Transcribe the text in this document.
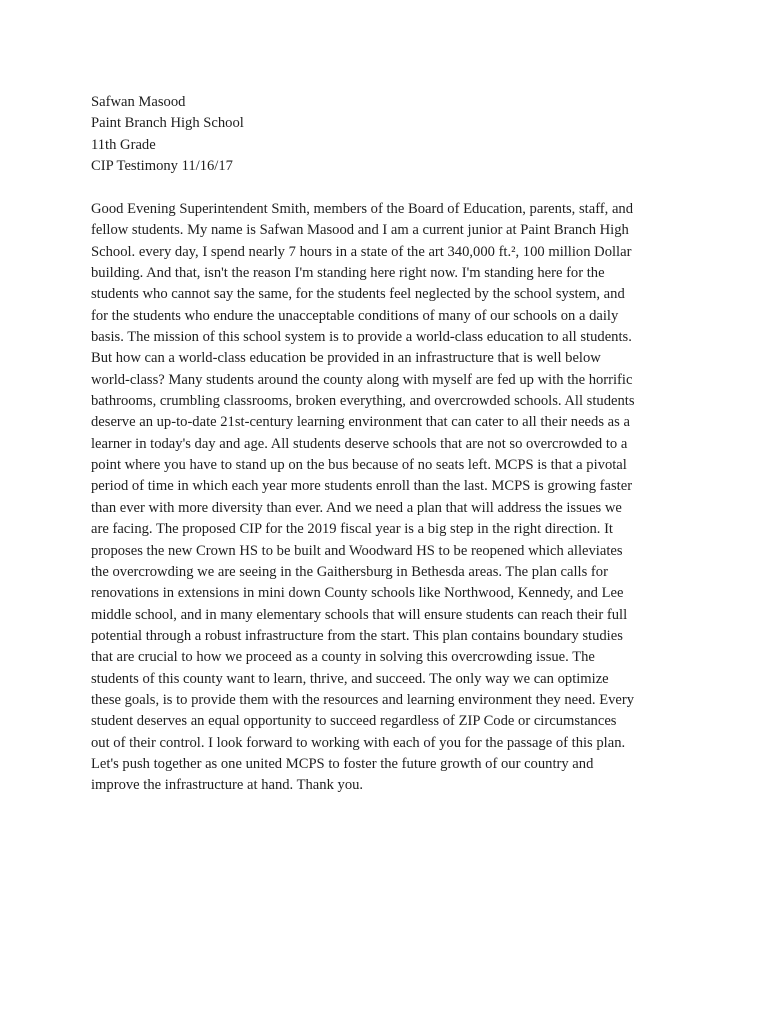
Safwan Masood
Paint Branch High School
11th Grade
CIP Testimony 11/16/17
Good Evening Superintendent Smith, members of the Board of Education, parents, staff, and
fellow students. My name is Safwan Masood and I am a current junior at Paint Branch High
School. every day, I spend nearly 7 hours in a state of the art 340,000 ft.², 100 million Dollar
building. And that, isn't the reason I'm standing here right now. I'm standing here for the
students who cannot say the same, for the students feel neglected by the school system, and
for the students who endure the unacceptable conditions of many of our schools on a daily
basis. The mission of this school system is to provide a world-class education to all students.
But how can a world-class education be provided in an infrastructure that is well below
world-class? Many students around the county along with myself are fed up with the horrific
bathrooms, crumbling classrooms, broken everything, and overcrowded schools. All students
deserve an up-to-date 21st-century learning environment that can cater to all their needs as a
learner in today's day and age. All students deserve schools that are not so overcrowded to a
point where you have to stand up on the bus because of no seats left. MCPS is that a pivotal
period of time in which each year more students enroll than the last. MCPS is growing faster
than ever with more diversity than ever. And we need a plan that will address the issues we
are facing. The proposed CIP for the 2019 fiscal year is a big step in the right direction. It
proposes the new Crown HS to be built and Woodward HS to be reopened which alleviates
the overcrowding we are seeing in the Gaithersburg in Bethesda areas. The plan calls for
renovations in extensions in mini down County schools like Northwood, Kennedy, and Lee
middle school, and in many elementary schools that will ensure students can reach their full
potential through a robust infrastructure from the start. This plan contains boundary studies
that are crucial to how we proceed as a county in solving this overcrowding issue. The
students of this county want to learn, thrive, and succeed. The only way we can optimize
these goals, is to provide them with the resources and learning environment they need. Every
student deserves an equal opportunity to succeed regardless of ZIP Code or circumstances
out of their control. I look forward to working with each of you for the passage of this plan.
Let's push together as one united MCPS to foster the future growth of our country and
improve the infrastructure at hand. Thank you.
